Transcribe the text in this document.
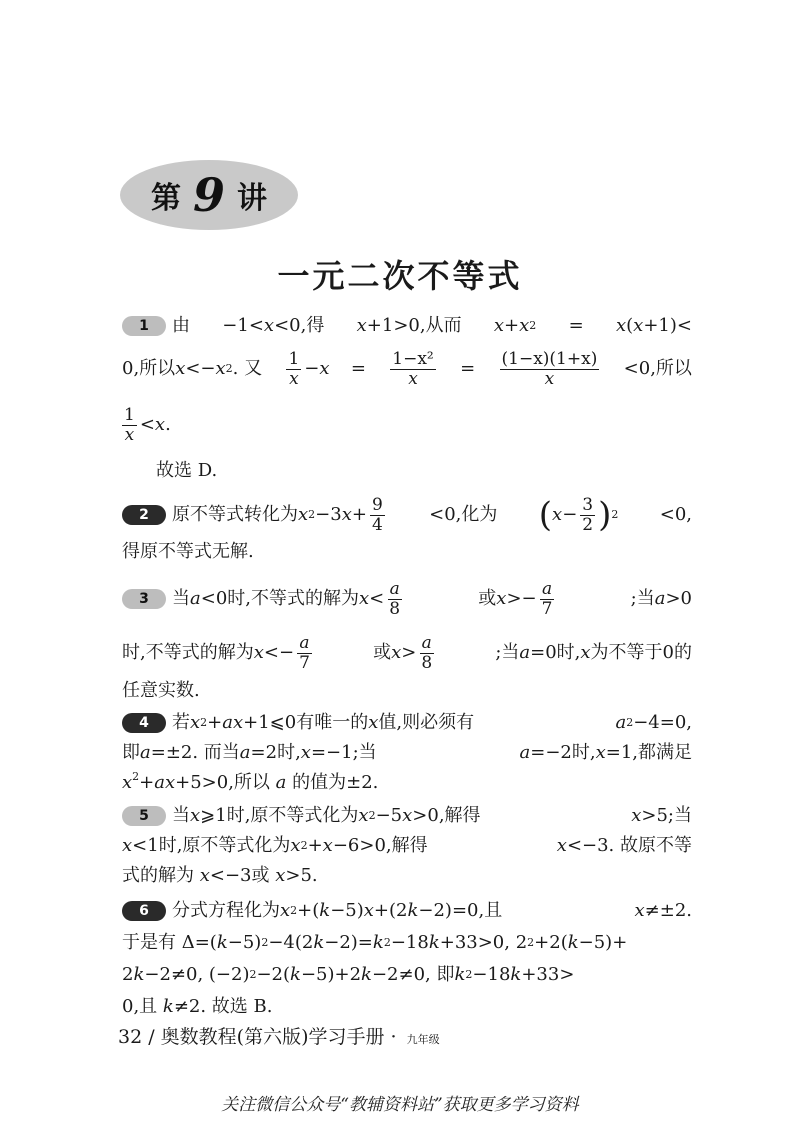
第 9 讲
一元二次不等式
1	由 −1< x <0,得 x +1>0,从而 x + x 2 = x ( x +1)<
0,所以 x <− x 2 . 又 $\frac{1}{x} - x = \frac{\text{1−x²}}{x} = \frac{(1-x)(1+x)}{x} <0$,所以
$\frac{1}{x} <x$.
故选 D.
2	原不等式转化为 x 2 −3 $x + \frac{9}{4} <0$,化为 ( $x - \frac{3}{2}$ ) 2 <0,
得原不等式无解.
3	当 a <0时,不等式的解为 $x < \frac{a}{8}$	或 $x >- \frac{a}{7}$	;当 a >0
时,不等式的解为 $x <- \frac{a}{7}$	或 $x > \frac{a}{8}$	;当 a =0时, x 为不等于0的
任意实数.
4	若 x 2 + ax +1⩽0有唯一的 x 值,则必须有	a 2 −4=0,
即 a =±2. 而当 a =2时, x =−1;当	a =−2时, x =1,都满足
$x^2+ax+5>0$,所以 a 的值为±2.
5	当 x ⩾1时,原不等式化为 x 2 −5 x >0,解得	x >5;当
x <1时,原不等式化为 x 2 + x −6>0,解得	x <−3. 故原不等
式的解为 x<−3或 x>5.
6	分式方程化为 x 2 +( k −5) x +(2 k −2)=0,且	x ≠±2.
于是有 Δ=( k −5) 2 −4(2 k −2)= k 2 −18 k +33>0, 2 2 +2( k −5)+
2 k −2≠0, (−2) 2 −2( k −5)+2 k −2≠0, 即 k 2 −18 k +33>
0,且 k≠2. 故选 B.
32 / 奥数教程(第六版)学习手册 · 九年级
关注微信公众号“教辅资料站”获取更多学习资料
